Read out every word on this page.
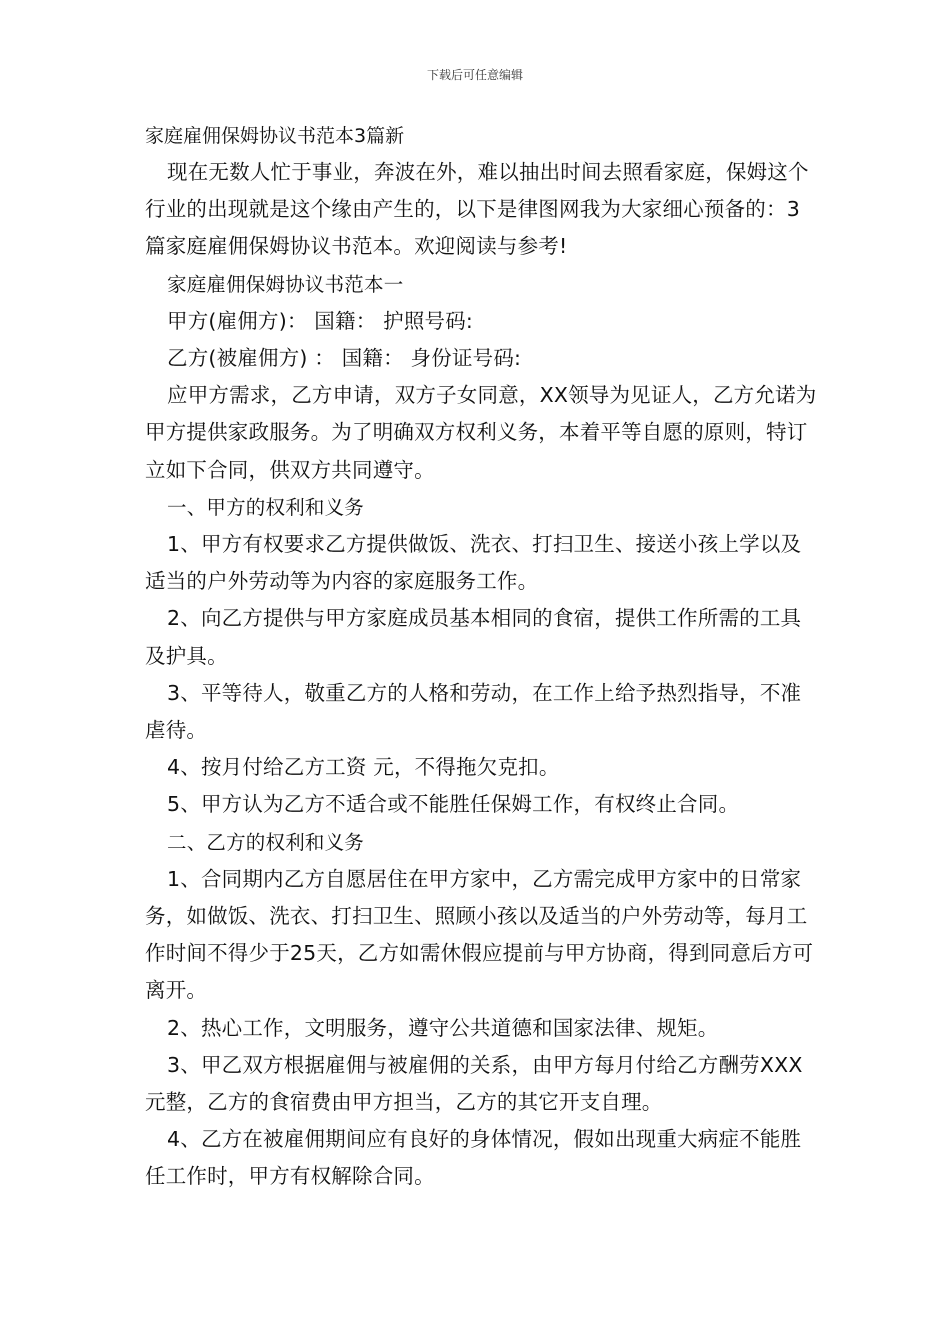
下载后可任意编辑

家庭雇佣保姆协议书范本3篇新

现在无数人忙于事业，奔波在外，难以抽出时间去照看家庭，保姆这个行业的出现就是这个缘由产生的，以下是律图网我为大家细心预备的：3篇家庭雇佣保姆协议书范本。欢迎阅读与参考!

家庭雇佣保姆协议书范本一

甲方(雇佣方)： 国籍： 护照号码:

乙方(被雇佣方) ： 国籍： 身份证号码:

应甲方需求，乙方申请，双方子女同意，XX领导为见证人，乙方允诺为甲方提供家政服务。为了明确双方权利义务，本着平等自愿的原则，特订立如下合同，供双方共同遵守。

一、甲方的权利和义务

1、甲方有权要求乙方提供做饭、洗衣、打扫卫生、接送小孩上学以及适当的户外劳动等为内容的家庭服务工作。

2、向乙方提供与甲方家庭成员基本相同的食宿，提供工作所需的工具及护具。

3、平等待人，敬重乙方的人格和劳动，在工作上给予热烈指导，不准虐待。

4、按月付给乙方工资 元，不得拖欠克扣。

5、甲方认为乙方不适合或不能胜任保姆工作，有权终止合同。

二、乙方的权利和义务

1、合同期内乙方自愿居住在甲方家中，乙方需完成甲方家中的日常家务，如做饭、洗衣、打扫卫生、照顾小孩以及适当的户外劳动等，每月工作时间不得少于25天，乙方如需休假应提前与甲方协商，得到同意后方可离开。

2、热心工作，文明服务，遵守公共道德和国家法律、规矩。

3、甲乙双方根据雇佣与被雇佣的关系，由甲方每月付给乙方酬劳XXX元整，乙方的食宿费由甲方担当，乙方的其它开支自理。

4、乙方在被雇佣期间应有良好的身体情况，假如出现重大病症不能胜任工作时，甲方有权解除合同。
